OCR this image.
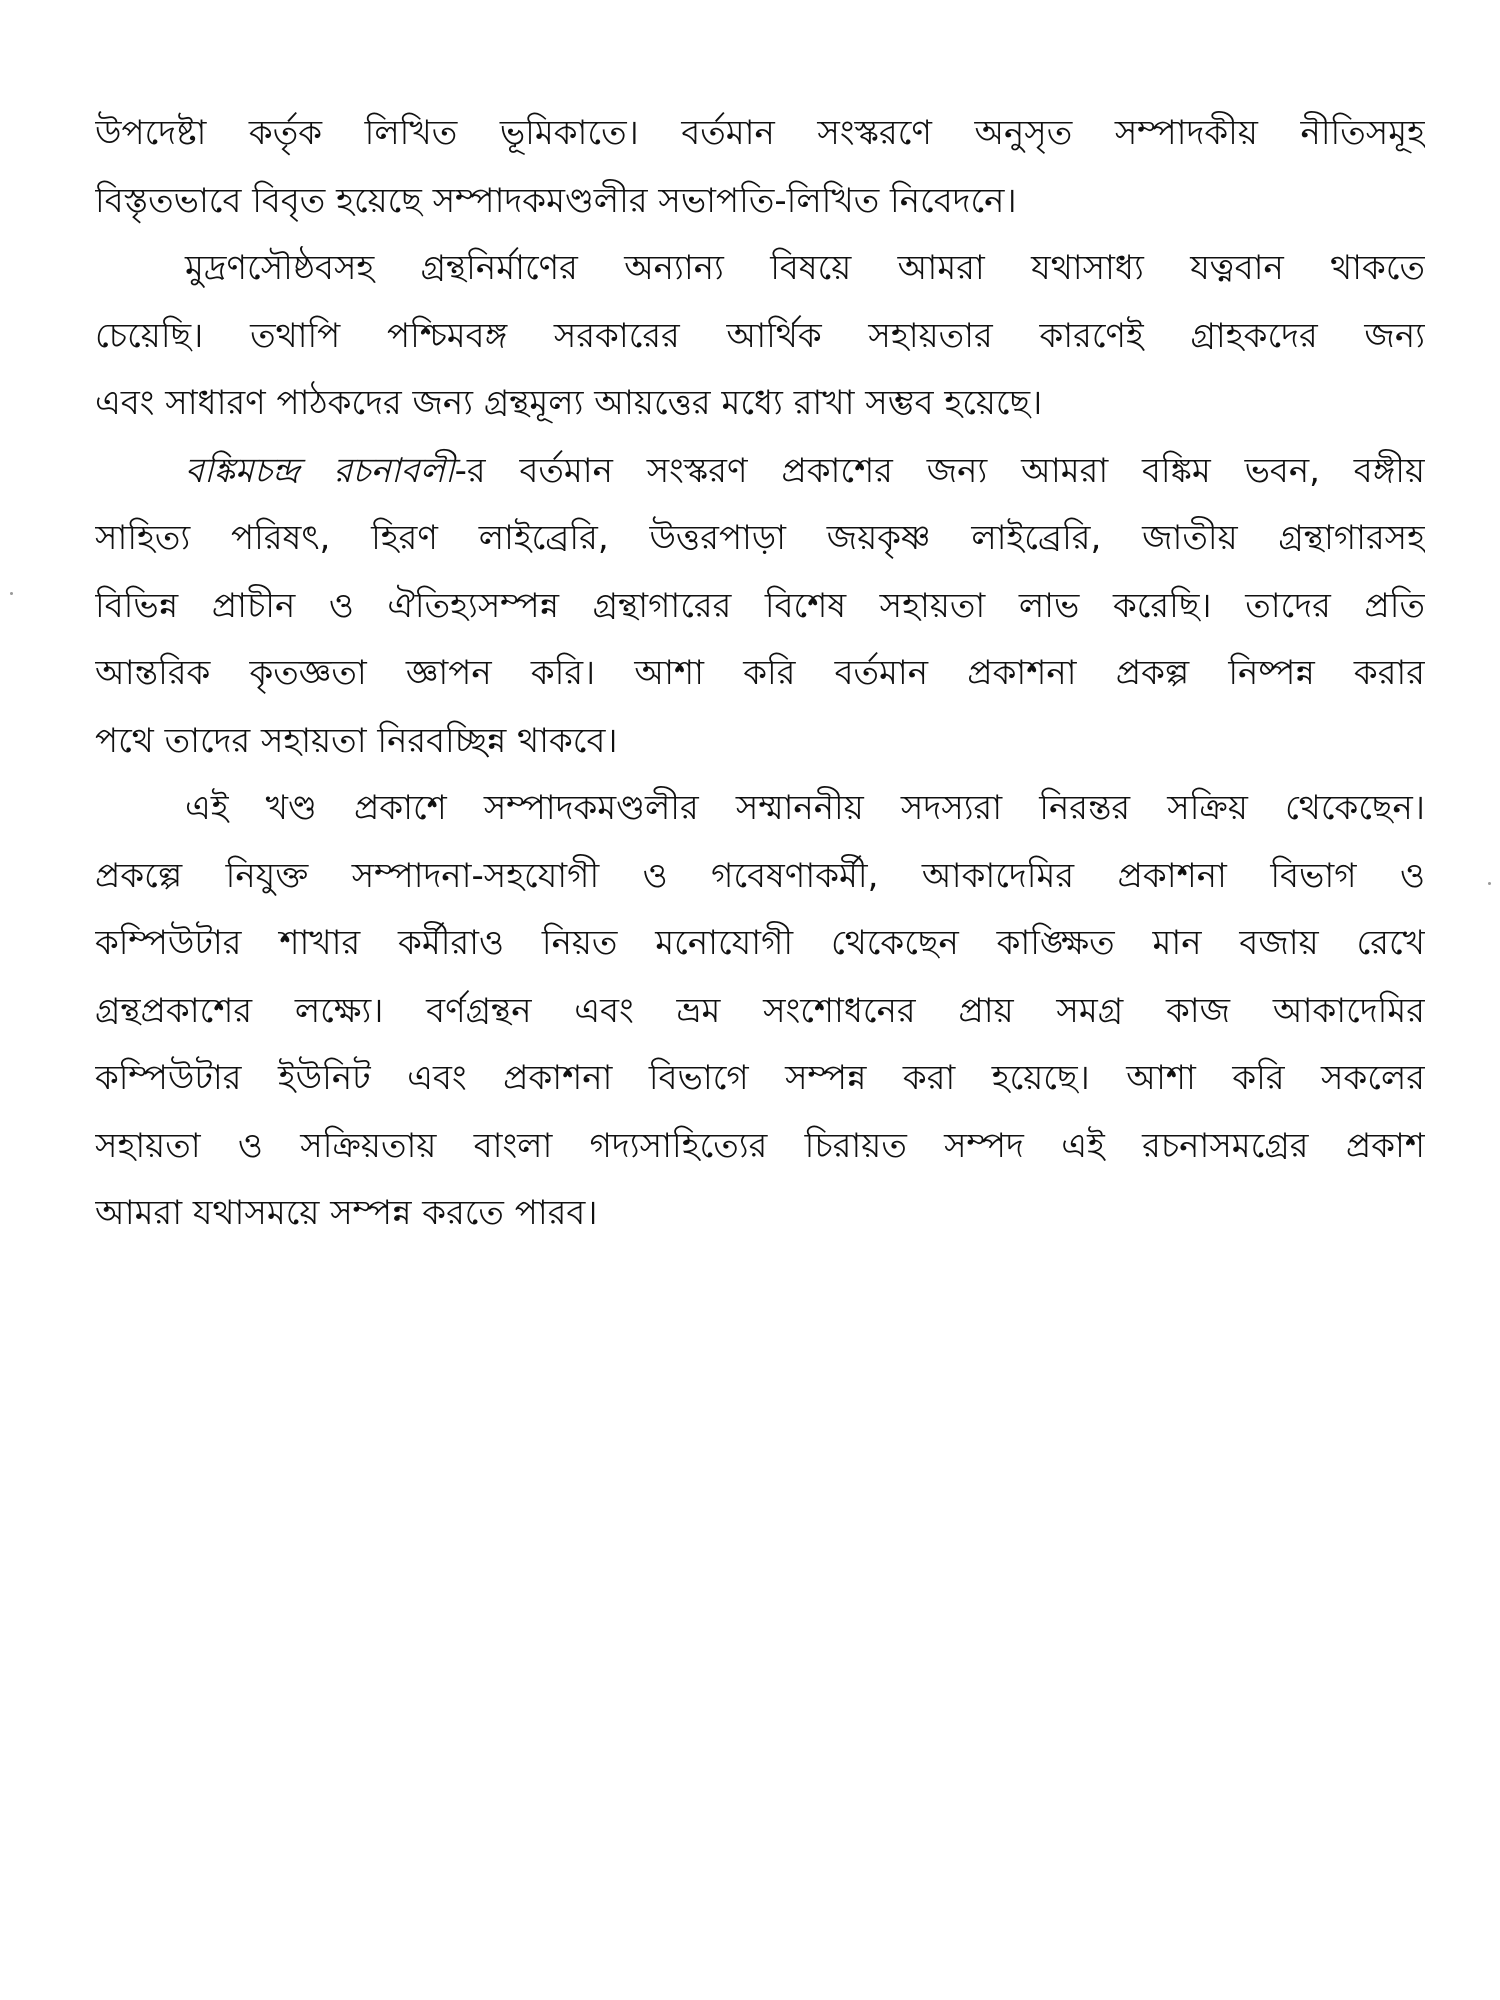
উপদেষ্টা কর্তৃক লিখিত ভূমিকাতে। বর্তমান সংস্করণে অনুসৃত সম্পাদকীয় নীতিসমূহ
বিস্তৃতভাবে বিবৃত হয়েছে সম্পাদকমণ্ডলীর সভাপতি-লিখিত নিবেদনে।
মুদ্রণসৌষ্ঠবসহ গ্রন্থনির্মাণের অন্যান্য বিষয়ে আমরা যথাসাধ্য যত্নবান থাকতে
চেয়েছি। তথাপি পশ্চিমবঙ্গ সরকারের আর্থিক সহায়তার কারণেই গ্রাহকদের জন্য
এবং সাধারণ পাঠকদের জন্য গ্রন্থমূল্য আয়ত্তের মধ্যে রাখা সম্ভব হয়েছে।
বঙ্কিমচন্দ্র রচনাবলী-র বর্তমান সংস্করণ প্রকাশের জন্য আমরা বঙ্কিম ভবন, বঙ্গীয়
সাহিত্য পরিষৎ, হিরণ লাইব্রেরি, উত্তরপাড়া জয়কৃষ্ণ লাইব্রেরি, জাতীয় গ্রন্থাগারসহ
বিভিন্ন প্রাচীন ও ঐতিহ্যসম্পন্ন গ্রন্থাগারের বিশেষ সহায়তা লাভ করেছি। তাদের প্রতি
আন্তরিক কৃতজ্ঞতা জ্ঞাপন করি। আশা করি বর্তমান প্রকাশনা প্রকল্প নিষ্পন্ন করার
পথে তাদের সহায়তা নিরবচ্ছিন্ন থাকবে।
এই খণ্ড প্রকাশে সম্পাদকমণ্ডলীর সম্মাননীয় সদস্যরা নিরন্তর সক্রিয় থেকেছেন।
প্রকল্পে নিযুক্ত সম্পাদনা-সহযোগী ও গবেষণাকর্মী, আকাদেমির প্রকাশনা বিভাগ ও
কম্পিউটার শাখার কর্মীরাও নিয়ত মনোযোগী থেকেছেন কাঙ্ক্ষিত মান বজায় রেখে
গ্রন্থপ্রকাশের লক্ষ্যে। বর্ণগ্রন্থন এবং ভ্রম সংশোধনের প্রায় সমগ্র কাজ আকাদেমির
কম্পিউটার ইউনিট এবং প্রকাশনা বিভাগে সম্পন্ন করা হয়েছে। আশা করি সকলের
সহায়তা ও সক্রিয়তায় বাংলা গদ্যসাহিত্যের চিরায়ত সম্পদ এই রচনাসমগ্রের প্রকাশ
আমরা যথাসময়ে সম্পন্ন করতে পারব।
